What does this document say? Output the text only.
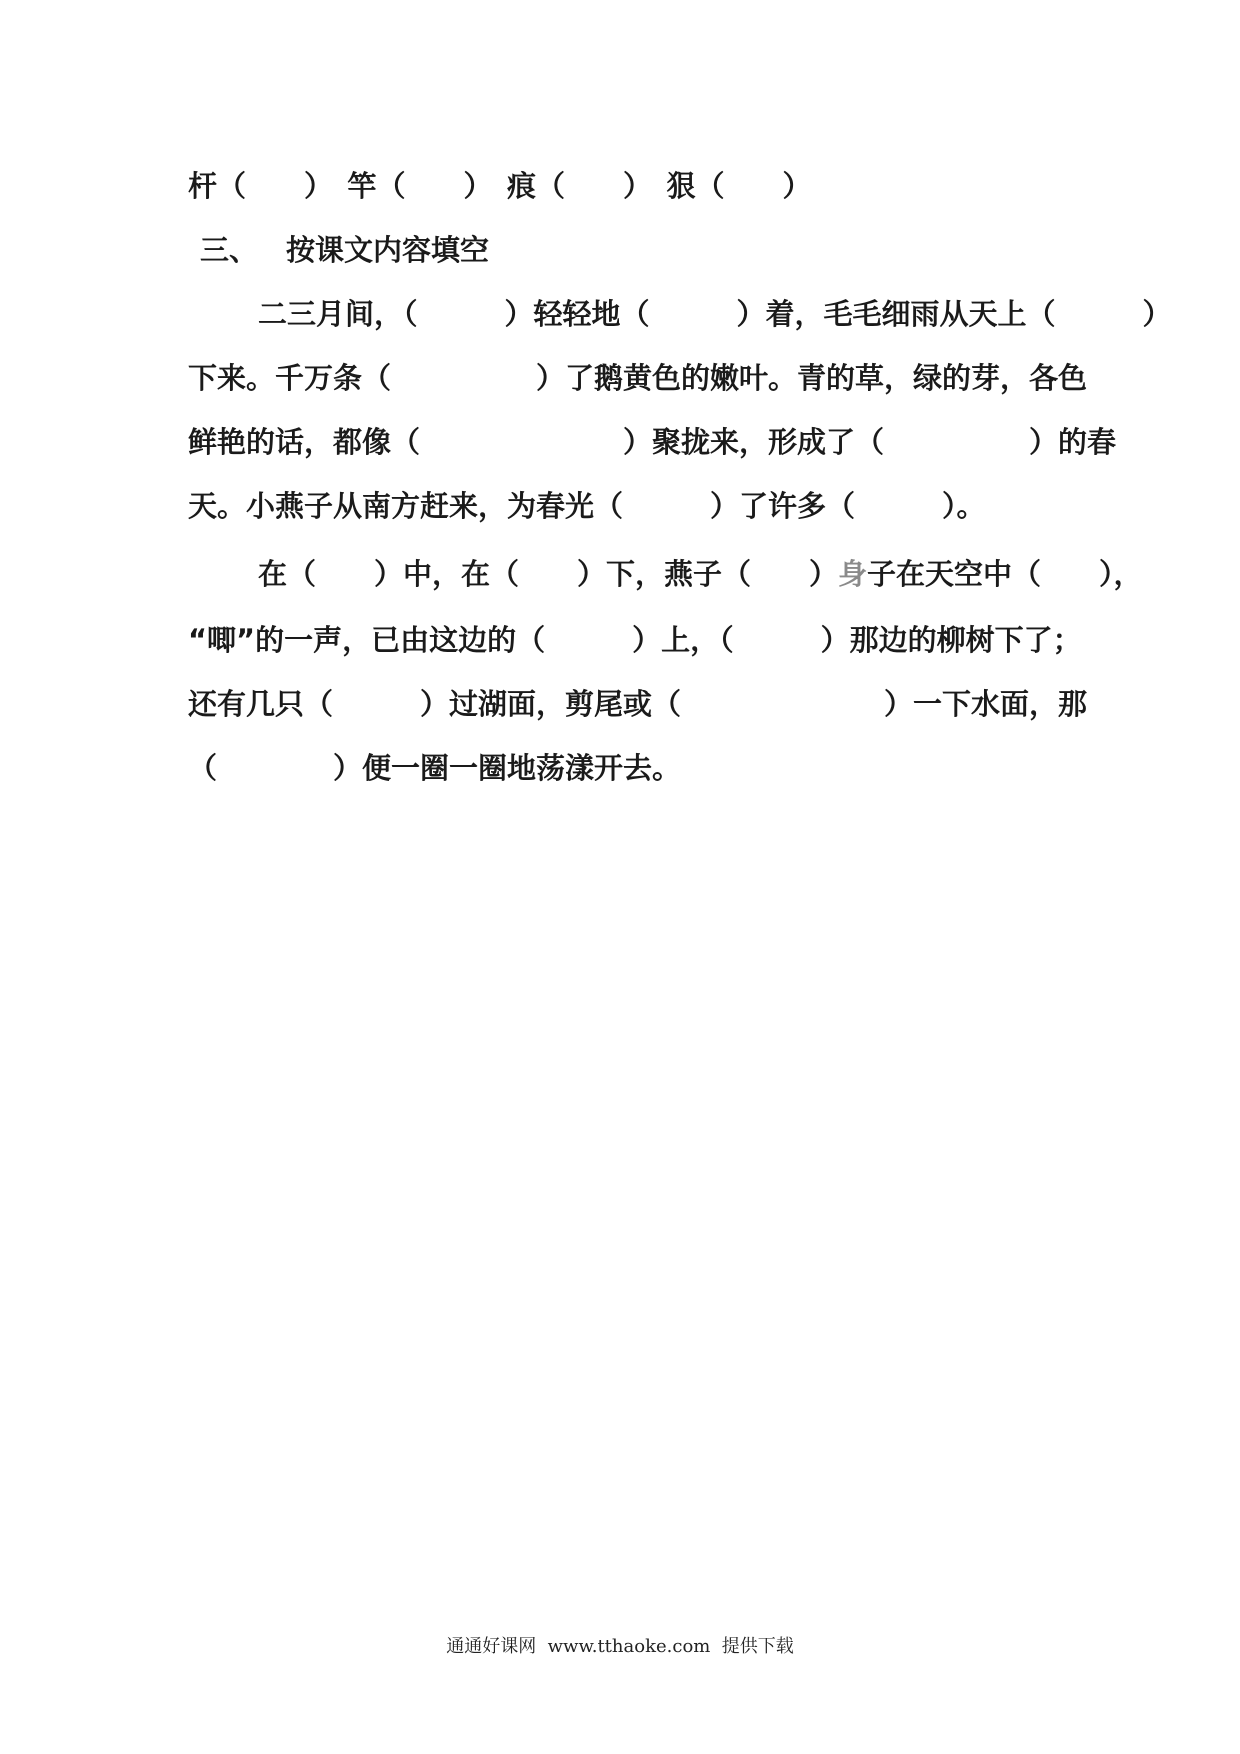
杆（　　）　竿（　　）　痕（　　）　狠（　　）
三、 按课文内容填空
二三月间，（　　　）轻轻地（　　　）着，毛毛细雨从天上（　　　）
下来。千万条（　　　　　）了鹅黄色的嫩叶。青的草，绿的芽，各色
鲜艳的话，都像（　　　　　　　）聚拢来，形成了（　　　　　）的春
天。小燕子从南方赶来，为春光（　　　）了许多（　　　）。
在（　　）中，在（　　）下，燕子（　　）身子在天空中（　　），
“唧”的一声，已由这边的（　　　）上，（　　　）那边的柳树下了；
还有几只（　　　）过湖面，剪尾或（　　　　　　　）一下水面，那
（　　　　）便一圈一圈地荡漾开去。
通通好课网  www.tthaoke.com  提供下载
